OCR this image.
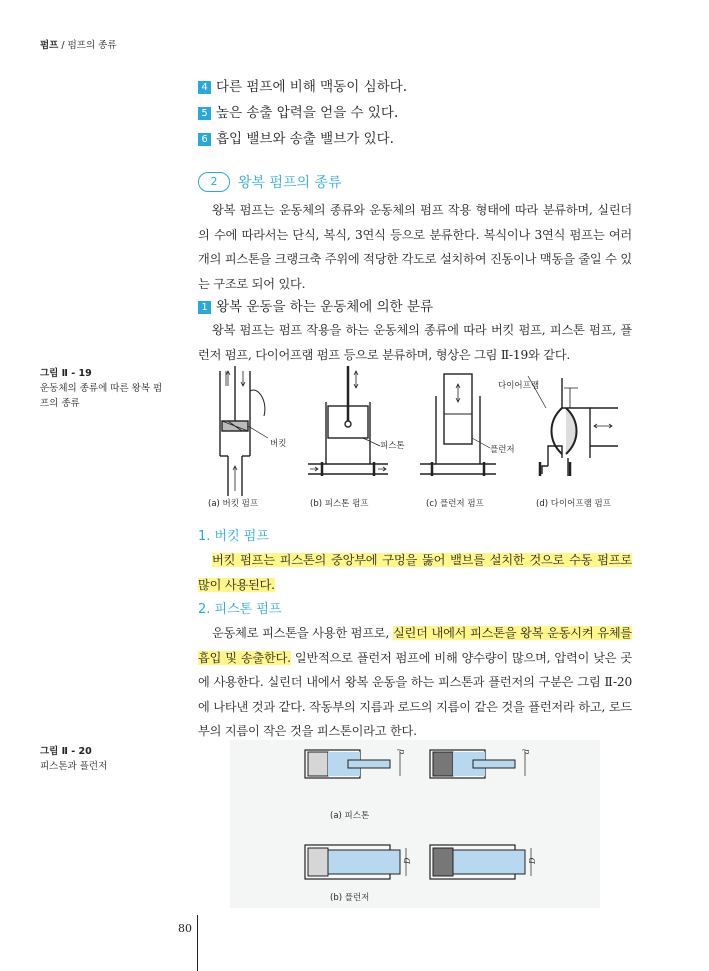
펌프 / 펌프의 종류
4 다른 펌프에 비해 맥동이 심하다.
5 높은 송출 압력을 얻을 수 있다.
6 흡입 밸브와 송출 밸브가 있다.
2	왕복 펌프의 종류

왕복 펌프는 운동체의 종류와 운동체의 펌프 작용 형태에 따라 분류하며, 실린더의 수에 따라서는 단식, 복식, 3연식 등으로 분류한다. 복식이나 3연식 펌프는 여러 개의 피스톤을 크랭크축 주위에 적당한 각도로 설치하여 진동이나 맥동을 줄일 수 있는 구조로 되어 있다.

1 왕복 운동을 하는 운동체에 의한 분류

왕복 펌프는 펌프 작용을 하는 운동체의 종류에 따라 버킷 펌프, 피스톤 펌프, 플런저 펌프, 다이어프램 펌프 등으로 분류하며, 형상은 그림 Ⅱ-19와 같다.

그림 Ⅱ - 19
운동체의 종류에 따른 왕복 펌프의 종류
버킷	피스톤	플런저
다이어프램
(a) 버킷 펌프	(b) 피스톤 펌프	(c) 플런저 펌프	(d) 다이어프램 펌프
1. 버킷 펌프

버킷 펌프는 피스톤의 중앙부에 구멍을 뚫어 밸브를 설치한 것으로 수동 펌프로 많이 사용된다.

2. 피스톤 펌프

운동체로 피스톤을 사용한 펌프로, 실린더 내에서 피스톤을 왕복 운동시켜 유체를 흡입 및 송출한다. 일반적으로 플런저 펌프에 비해 양수량이 많으며, 압력이 낮은 곳에 사용한다. 실린더 내에서 왕복 운동을 하는 피스톤과 플런저의 구분은 그림 Ⅱ-20에 나타낸 것과 같다. 작동부의 지름과 로드의 지름이 같은 것을 플런저라 하고, 로드부의 지름이 작은 것을 피스톤이라고 한다.

그림 Ⅱ - 20
피스톤과 플런저
d	d
(a) 피스톤
D	D
(b) 플런저
80
